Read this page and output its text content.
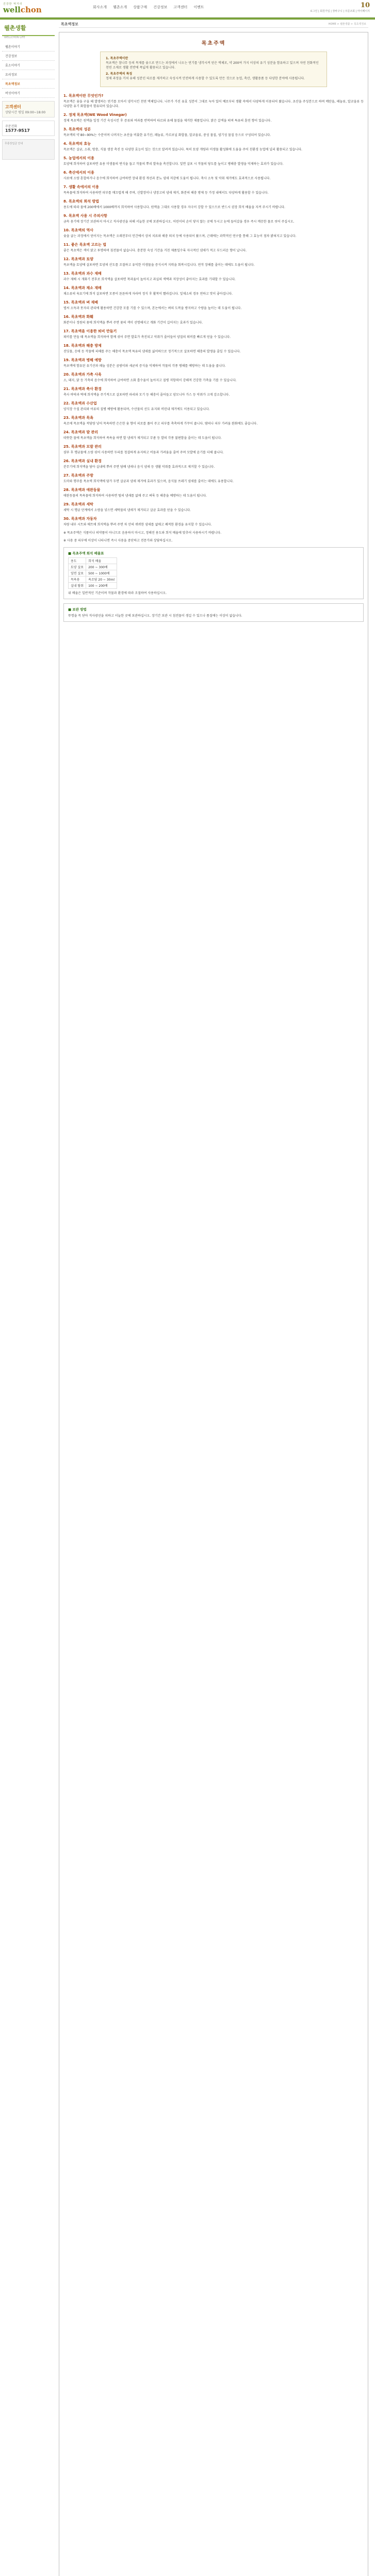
건강한 먹거리
wellchon	회사소개 웰촌소개 상품구매 건강정보 고객센터 이벤트	10
로그인 | 회원가입 | 장바구니 | 주문조회 | 마이페이지
웰촌생활
WELLCHON LIFE
웰촌이야기
건강정보
효소이야기
요리정보
목초액정보
버섯이야기
고객센터
상담시간 평일 09:00~18:00
주문전화
1577-9517
무통장입금 안내
목초액정보	HOME > 웰촌생활 > 목초액정보
목초주액

1. 목초주액이란
목초액은 참나무 등의 목재를 숯으로 만드는 과정에서 나오는 연기를 냉각시켜 얻은 액체로, 약 200여 가지 이상의 유기 성분을 함유하고 있으며 자연 친화적인 천연 소재로 생활 전반에 폭넓게 활용되고 있습니다.

2. 목초주액의 특징
정제 과정을 거쳐 유해 성분인 타르를 제거하고 숙성시켜 안전하게 사용할 수 있도록 만든 것으로 농업, 축산, 생활용품 등 다양한 분야에 사용됩니다.

1. 목초액이란 무엇인가?

목초액은 숯을 구울 때 발생하는 연기를 모아서 냉각시킨 천연 액체입니다. 나무가 가진 유효 성분이 그대로 녹아 있어 예로부터 생활 속에서 다양하게 이용되어 왔습니다. 초산을 주성분으로 하며 메탄올, 페놀류, 알코올류 등 다양한 유기 화합물이 함유되어 있습니다.

2. 정제 목초액(WE Wood Vinegar)

정제 목초액은 원액을 일정 기간 숙성시킨 후 증류와 여과를 반복하여 타르와 유해 물질을 제거한 제품입니다. 맑은 갈색을 띠며 특유의 훈연 향이 있습니다.

3. 목초액의 성분

목초액의 약 80~90%는 수분이며 나머지는 초산을 비롯한 유기산, 페놀류, 카르보닐 화합물, 알코올류, 중성 물질, 염기성 물질 등으로 구성되어 있습니다.

4. 목초액의 효능

목초액은 살균, 소취, 방충, 식물 생장 촉진 등 다양한 효능이 있는 것으로 알려져 있습니다. 특히 토양 개량과 미생물 활성화에 도움을 주어 친환경 농업에 널리 활용되고 있습니다.

5. 농업에서의 이용

토양에 희석하여 살포하면 유용 미생물의 번식을 돕고 작물의 뿌리 발육을 촉진합니다. 잎면 살포 시 작물의 당도를 높이고 병해충 발생을 억제하는 효과가 있습니다.

6. 축산에서의 이용

사료에 소량 혼합하거나 음수에 희석하여 급여하면 장내 환경 개선과 분뇨 냄새 저감에 도움이 됩니다. 축사 소독 및 악취 제거에도 효과적으로 사용됩니다.

7. 생활 속에서의 이용

목욕물에 희석하여 사용하면 피부를 매끄럽게 해 주며, 신발장이나 냉장고의 냄새 제거, 화분의 해충 방제 등 가정 내에서도 다양하게 활용할 수 있습니다.

8. 목초액의 희석 방법

용도에 따라 물에 200배에서 1000배까지 희석하여 사용합니다. 원액을 그대로 사용할 경우 자극이 강할 수 있으므로 반드시 권장 희석 배율을 지켜 주시기 바랍니다.

9. 목초액 사용 시 주의사항

금속 용기에 장기간 보관하지 마시고 직사광선을 피해 서늘한 곳에 보관하십시오. 어린이의 손이 닿지 않는 곳에 두시고 눈에 들어갔을 경우 즉시 깨끗한 물로 씻어 주십시오.

10. 목초액의 역사

숯을 굽는 과정에서 얻어지는 목초액은 오래전부터 민간에서 상처 치료와 해충 퇴치 등에 사용되어 왔으며, 근래에는 과학적인 연구를 통해 그 효능이 점차 밝혀지고 있습니다.

11. 좋은 목초액 고르는 법

좋은 목초액은 색이 맑고 투명하며 침전물이 없습니다. 충분한 숙성 기간을 거친 제품일수록 자극적인 냄새가 적고 부드러운 향이 납니다.

12. 목초액과 토양

목초액을 토양에 살포하면 토양의 산도를 조절하고 유익한 미생물을 증식시켜 지력을 회복시킵니다. 연작 장해를 줄이는 데에도 도움이 됩니다.

13. 목초액과 과수 재배

과수 재배 시 개화기 전후로 희석액을 살포하면 착과율이 높아지고 과실의 색택과 저장성이 좋아지는 효과를 기대할 수 있습니다.

14. 목초액과 채소 재배

채소류의 육묘기에 희석 살포하면 모종이 튼튼하게 자라며 정식 후 활착이 빨라집니다. 잎채소의 경우 연하고 맛이 좋아집니다.

15. 목초액과 벼 재배

볍씨 소독과 못자리 관리에 활용하면 건강한 모를 기를 수 있으며, 본논에서는 벼의 도복을 방지하고 수량을 높이는 데 도움이 됩니다.

16. 목초액과 화훼

화분이나 정원의 꽃에 희석액을 뿌려 주면 꽃의 색이 선명해지고 개화 기간이 길어지는 효과가 있습니다.

17. 목초액을 이용한 퇴비 만들기

퇴비를 만들 때 목초액을 희석하여 함께 섞어 주면 발효가 촉진되고 악취가 줄어들어 양질의 퇴비를 빠르게 얻을 수 있습니다.

18. 목초액과 해충 방제

진딧물, 응애 등 작물에 피해를 주는 해충이 목초액 특유의 냄새를 싫어하므로 정기적으로 살포하면 해충의 발생을 줄일 수 있습니다.

19. 목초액과 병해 예방

목초액에 함유된 유기산과 페놀 성분은 곰팡이와 세균의 증식을 억제하여 작물의 각종 병해를 예방하는 데 도움을 줍니다.

20. 목초액과 가축 사육

소, 돼지, 닭 등 가축의 음수에 희석하여 급여하면 소화 흡수율이 높아지고 질병 저항력이 강해져 건강한 가축을 기를 수 있습니다.

21. 목초액과 축사 환경

축사 바닥과 벽에 희석액을 주기적으로 살포하면 파리와 모기 등 해충이 줄어들고 암모니아 가스 등 악취가 크게 감소합니다.

22. 목초액과 수산업

양식장 수질 관리와 어류의 질병 예방에 활용되며, 수산물의 선도 유지와 비린내 제거에도 이용되고 있습니다.

23. 목초액과 목욕

욕조에 목초액을 적당량 넣어 목욕하면 은은한 숯 향이 피로를 풀어 주고 피부를 촉촉하게 가꾸어 줍니다. 땀띠나 피부 가려움 완화에도 좋습니다.

24. 목초액과 발 관리

따뜻한 물에 목초액을 희석하여 족욕을 하면 발 냄새가 제거되고 무좀 등 발의 각종 불편함을 줄이는 데 도움이 됩니다.

25. 목초액과 모발 관리

샴푸 후 헹굼물에 소량 섞어 사용하면 두피를 청결하게 유지하고 비듬과 가려움을 줄여 주며 모발에 윤기를 더해 줍니다.

26. 목초액과 실내 환경

분무기에 희석액을 담아 실내에 뿌려 주면 담배 냄새나 음식 냄새 등 생활 악취를 효과적으로 제거할 수 있습니다.

27. 목초액과 주방

도마와 행주를 목초액 희석액에 담가 두면 살균과 냄새 제거에 효과가 있으며, 음식물 쓰레기 냄새를 줄이는 데에도 유용합니다.

28. 목초액과 애완동물

애완동물의 목욕물에 희석하여 사용하면 털의 냄새를 없애 주고 벼룩 등 해충을 예방하는 데 도움이 됩니다.

29. 목초액과 세탁

세탁 시 헹굼 단계에서 소량을 넣으면 세탁물의 냄새가 제거되고 살균 효과를 얻을 수 있습니다.

30. 목초액과 자동차

차량 내부 시트와 매트에 희석액을 뿌려 주면 차 안의 퀴퀴한 냄새를 없애고 쾌적한 환경을 유지할 수 있습니다.

※ 목초주액은 식품이나 의약품이 아니므로 음용하지 마시고, 정해진 용도와 희석 배율에 맞추어 사용하시기 바랍니다.

※ 사용 중 피부에 이상이 나타나면 즉시 사용을 중단하고 전문가와 상담하십시오.

■ 목초주액 희석 배율표
용도	희석 배율
토양 살포	200 ~ 300배
잎면 살포	500 ~ 1000배
목욕용	욕조당 20 ~ 30ml
실내 탈취	100 ~ 200배

위 배율은 일반적인 기준이며 작물과 환경에 따라 조절하여 사용하십시오.

■ 보관 방법

뚜껑을 꼭 닫아 직사광선을 피하고 서늘한 곳에 보관하십시오. 장기간 보관 시 침전물이 생길 수 있으나 품질에는 이상이 없습니다.
